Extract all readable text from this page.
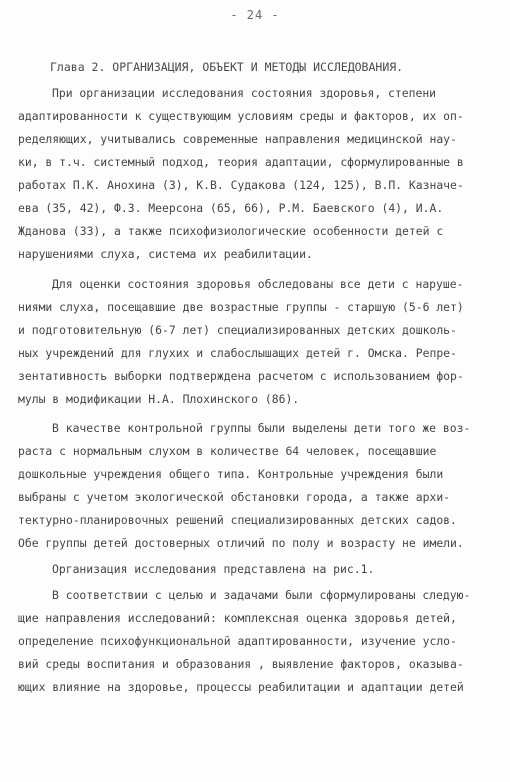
- 24 -
Глава 2. ОРГАНИЗАЦИЯ, ОБЪЕКТ И МЕТОДЫ ИССЛЕДОВАНИЯ.
При организации исследования состояния здоровья, степени
адаптированности к существующим условиям среды и факторов, их оп-
ределяющих, учитывались современные направления медицинской нау-
ки, в т.ч. системный подход, теория адаптации, сформулированные в
работах П.К. Анохина (3), К.В. Судакова (124, 125), В.П. Казначе-
ева (35, 42), Ф.З. Меерсона (65, 66), Р.М. Баевского (4), И.А.
Жданова (33), а также психофизиологические особенности детей с
нарушениями слуха, система их реабилитации.
Для оценки состояния здоровья обследованы все дети с наруше-
ниями слуха, посещавшие две возрастные группы - старшую (5-6 лет)
и подготовительную (6-7 лет) специализированных детских дошколь-
ных учреждений для глухих и слабослышащих детей г. Омска. Репре-
зентативность выборки подтверждена расчетом с использованием фор-
мулы в модификации Н.А. Плохинского (86).
В качестве контрольной группы были выделены дети того же воз-
раста с нормальным слухом в количестве 64 человек, посещавшие
дошкольные учреждения общего типа. Контрольные учреждения были
выбраны с учетом экологической обстановки города, а также архи-
тектурно-планировочных решений специализированных детских садов.
Обе группы детей достоверных отличий по полу и возрасту не имели.
Организация исследования представлена на рис.1.
В соответствии с целью и задачами были сформулированы следую-
щие направления исследований: комплексная оценка здоровья детей,
определение психофункциональной адаптированности, изучение усло-
вий среды воспитания и образования , выявление факторов, оказыва-
ющих влияние на здоровье, процессы реабилитации и адаптации детей
